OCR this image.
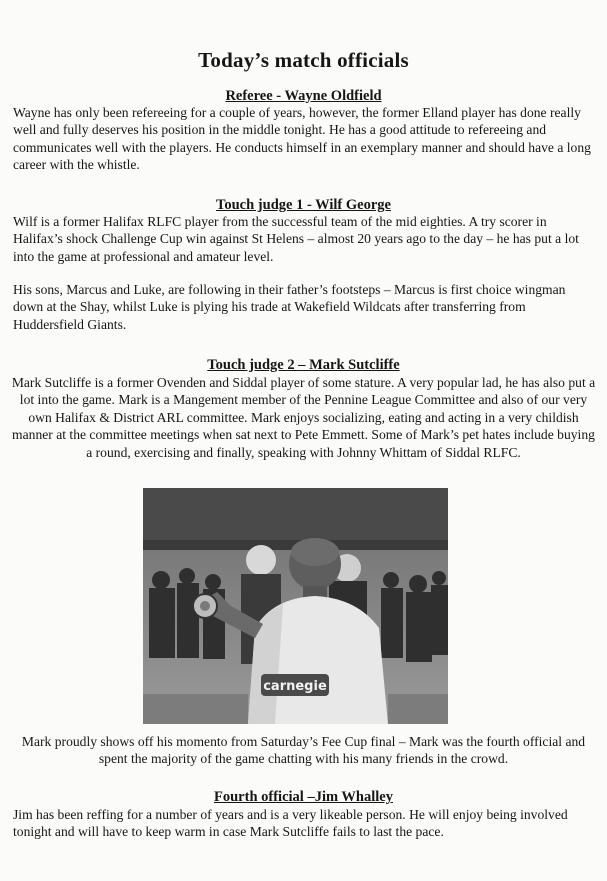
Today’s match officials
Referee - Wayne Oldfield

Wayne has only been refereeing for a couple of years, however, the former Elland player has done really well and fully deserves his position in the middle tonight. He has a good attitude to refereeing and communicates well with the players. He conducts himself in an exemplary manner and should have a long career with the whistle.

Touch judge 1 - Wilf George

Wilf is a former Halifax RLFC player from the successful team of the mid eighties. A try scorer in Halifax’s shock Challenge Cup win against St Helens – almost 20 years ago to the day – he has put a lot into the game at professional and amateur level.

His sons, Marcus and Luke, are following in their father’s footsteps – Marcus is first choice wingman down at the Shay, whilst Luke is plying his trade at Wakefield Wildcats after transferring from Huddersfield Giants.

Touch judge 2 – Mark Sutcliffe

Mark Sutcliffe is a former Ovenden and Siddal player of some stature. A very popular lad, he has also put a lot into the game. Mark is a Mangement member of the Pennine League Committee and also of our very own Halifax & District ARL committee. Mark enjoys socializing, eating and acting in a very childish manner at the committee meetings when sat next to Pete Emmett. Some of Mark’s pet hates include buying a round, exercising and finally, speaking with Johnny Whittam of Siddal RLFC.

carnegie

Mark proudly shows off his momento from Saturday’s Fee Cup final – Mark was the fourth official and spent the majority of the game chatting with his many friends in the crowd.

Fourth official –Jim Whalley

Jim has been reffing for a number of years and is a very likeable person. He will enjoy being involved tonight and will have to keep warm in case Mark Sutcliffe fails to last the pace.
